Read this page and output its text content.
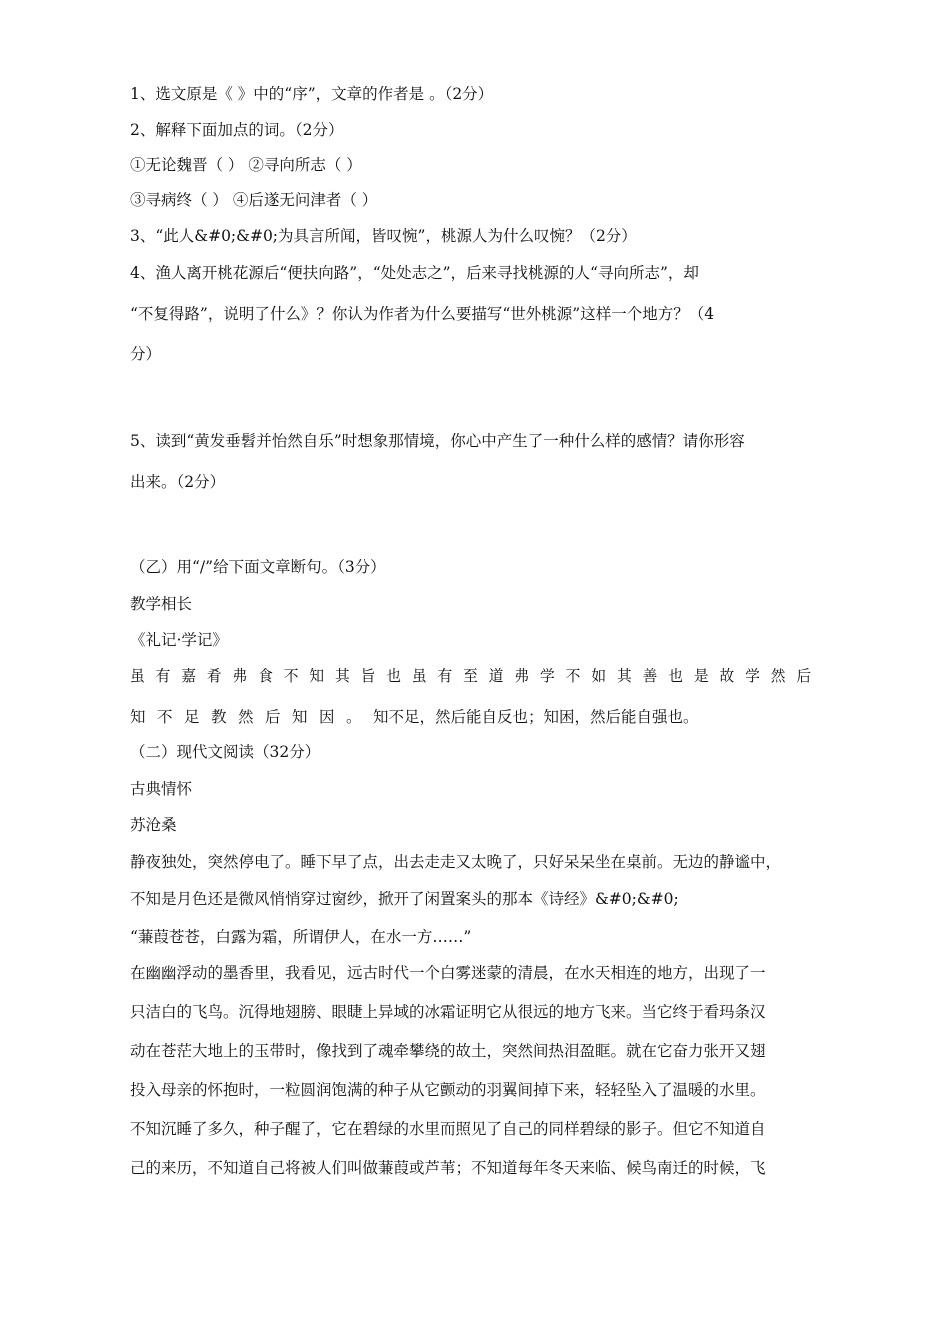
1、选文原是《 》中的“序”，文章的作者是 。（2分）
2、解释下面加点的词。（2分）
①无论魏晋（ ） ②寻向所志（ ）
③寻病终（ ） ④后遂无问津者（ ）
3、“此人&#0;&#0;为具言所闻，皆叹惋”，桃源人为什么叹惋？（2分）
4、渔人离开桃花源后“便扶向路”，“处处志之”，后来寻找桃源的人“寻向所志”，却
“不复得路”，说明了什么》？你认为作者为什么要描写“世外桃源”这样一个地方？（4
分）
5、读到“黄发垂髫并怡然自乐”时想象那情境，你心中产生了一种什么样的感情？请你形容
出来。（2分）
（乙）用“/”给下面文章断句。（3分）
教学相长
《礼记·学记》
虽有嘉肴弗食不知其旨也虽有至道弗学不如其善也是故学然后
知不足教然后知因。知不足，然后能自反也；知困，然后能自强也。
（二）现代文阅读（32分）
古典情怀
苏沧桑
静夜独处，突然停电了。睡下早了点，出去走走又太晚了，只好呆呆坐在桌前。无边的静谧中，
不知是月色还是微风悄悄穿过窗纱，掀开了闲置案头的那本《诗经》&#0;&#0;
“蒹葭苍苍，白露为霜，所谓伊人，在水一方……”
在幽幽浮动的墨香里，我看见，远古时代一个白雾迷蒙的清晨，在水天相连的地方，出现了一
只洁白的飞鸟。沉得地翅膀、眼睫上异域的冰霜证明它从很远的地方飞来。当它终于看玛条汉
动在苍茫大地上的玉带时，像找到了魂牵攀绕的故土，突然间热泪盈眶。就在它奋力张开又翅
投入母亲的怀抱时，一粒圆润饱满的种子从它颤动的羽翼间掉下来，轻轻坠入了温暖的水里。
不知沉睡了多久，种子醒了，它在碧绿的水里而照见了自己的同样碧绿的影子。但它不知道自
己的来历，不知道自己将被人们叫做蒹葭或芦苇；不知道每年冬天来临、候鸟南迁的时候，飞
